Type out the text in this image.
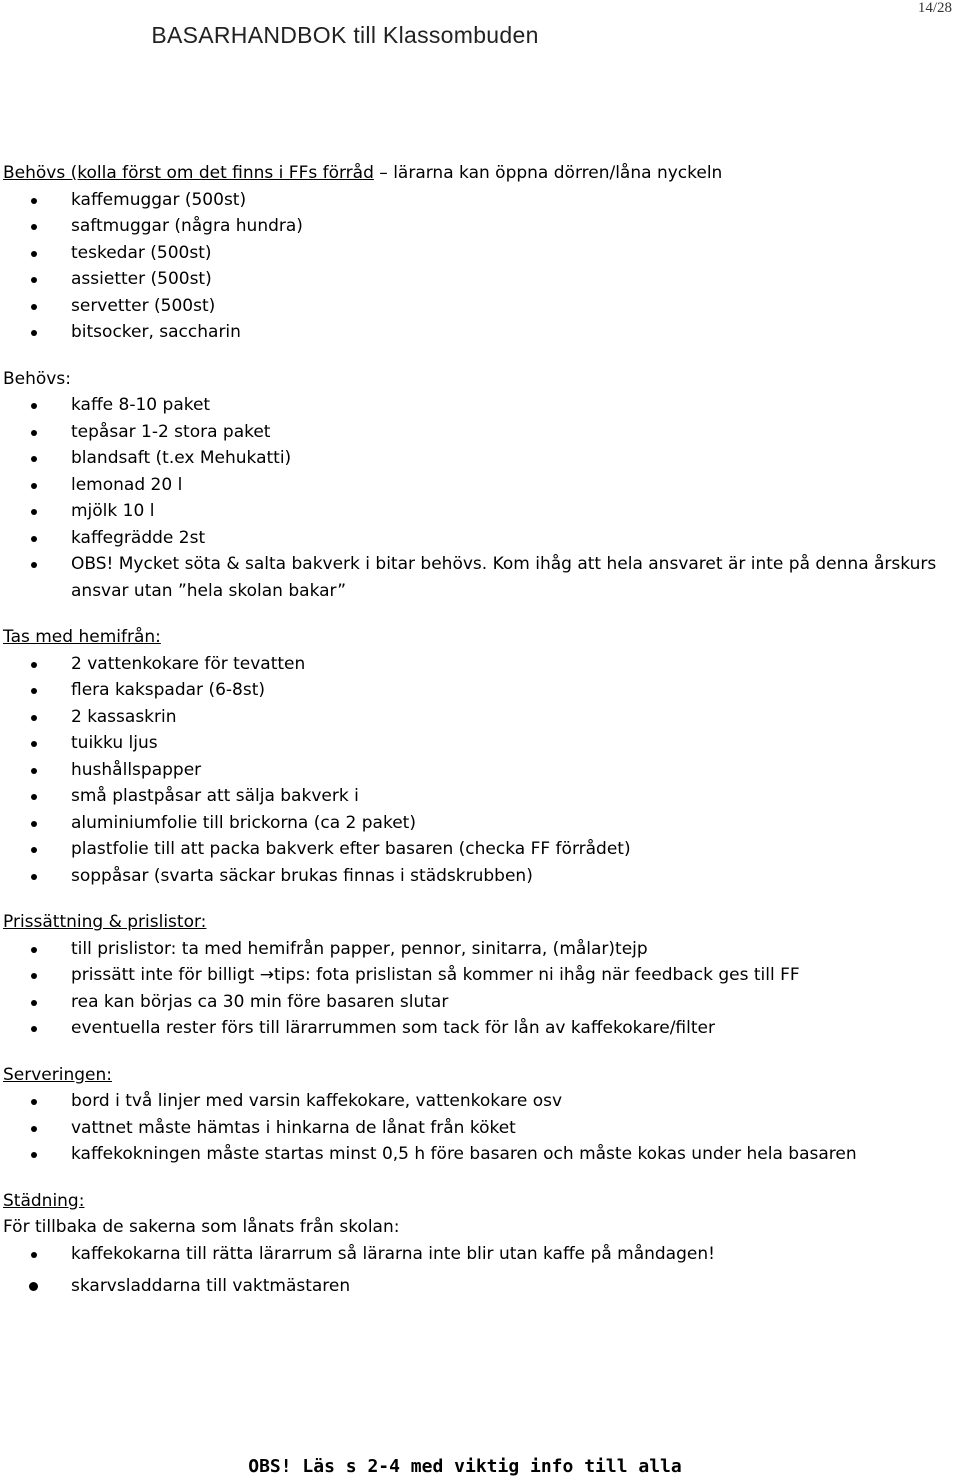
14/28
BASARHANDBOK till Klassombuden

Behövs (kolla först om det finns i FFs förråd – lärarna kan öppna dörren/låna nyckeln

kaffemuggar (500st)
saftmuggar (några hundra)
teskedar (500st)
assietter (500st)
servetter (500st)
bitsocker, saccharin

Behövs:

kaffe 8-10 paket
tepåsar 1-2 stora paket
blandsaft (t.ex Mehukatti)
lemonad 20 l
mjölk 10 l
kaffegrädde 2st
OBS! Mycket söta & salta bakverk i bitar behövs. Kom ihåg att hela ansvaret är inte på denna årskurs ansvar utan ”hela skolan bakar”

Tas med hemifrån:

2 vattenkokare för tevatten
flera kakspadar (6-8st)
2 kassaskrin
tuikku ljus
hushållspapper
små plastpåsar att sälja bakverk i
aluminiumfolie till brickorna (ca 2 paket)
plastfolie till att packa bakverk efter basaren (checka FF förrådet)
soppåsar (svarta säckar brukas finnas i städskrubben)

Prissättning & prislistor:

till prislistor: ta med hemifrån papper, pennor, sinitarra, (målar)tejp
prissätt inte för billigt →tips: fota prislistan så kommer ni ihåg när feedback ges till FF
rea kan börjas ca 30 min före basaren slutar
eventuella rester förs till lärarrummen som tack för lån av kaffekokare/filter

Serveringen:

bord i två linjer med varsin kaffekokare, vattenkokare osv
vattnet måste hämtas i hinkarna de lånat från köket
kaffekokningen måste startas minst 0,5 h före basaren och måste kokas under hela basaren

Städning:

För tillbaka de sakerna som lånats från skolan:

kaffekokarna till rätta lärarrum så lärarna inte blir utan kaffe på måndagen!
skarvsladdarna till vaktmästaren
OBS! Läs s 2-4 med viktig info till alla
